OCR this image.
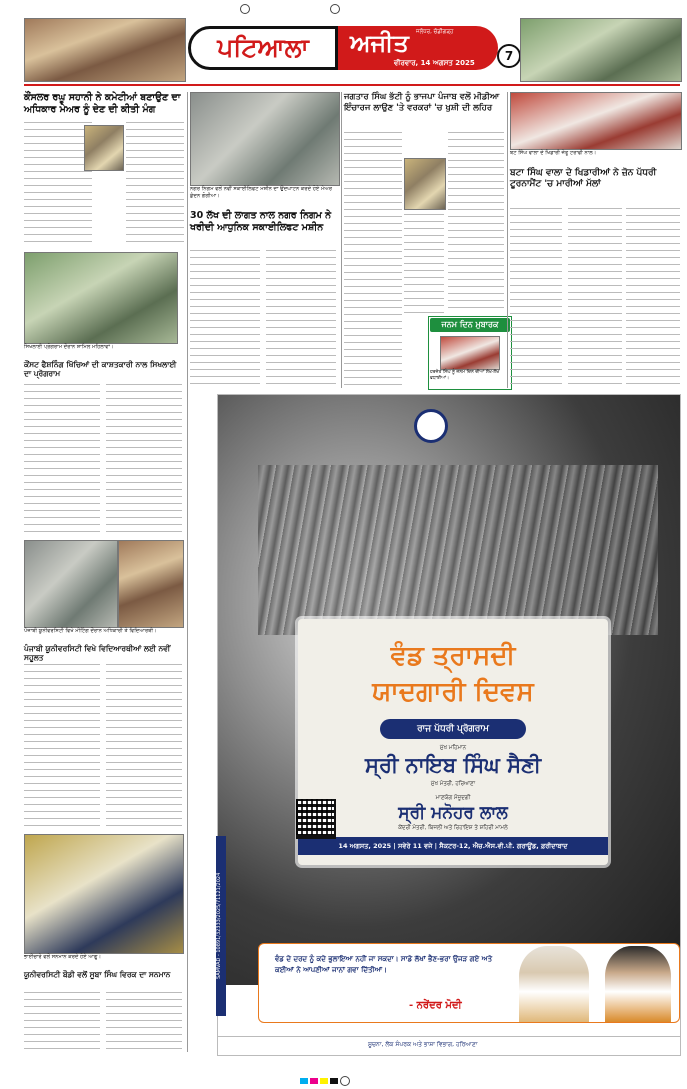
ਪਟਿਆਲਾ	ਅਜੀਤ ਜਲੰਧਰ, ਚੰਡੀਗੜ੍ਹ
ਵੀਰਵਾਰ, 14 ਅਗਸਤ 2025	7
ਕੌਂਸਲਰ ਰਘੂ ਸਹਾਨੀ ਨੇ ਕਮੇਟੀਆਂ ਬਣਾਉਣ ਦਾ ਅਧਿਕਾਰ ਮੇਅਰ ਨੂੰ ਦੇਣ ਦੀ ਕੀਤੀ ਮੰਗ
ਸਿਖਲਾਈ ਪ੍ਰੋਗਰਾਮ ਦੌਰਾਨ ਸ਼ਾਮਿਲ ਮਹਿਲਾਵਾਂ।
ਕੌਂਸਟ ਫੈਸ਼ਨਿੰਗ ਖਿੱਚਿਆਂ ਦੀ ਕਾਸ਼ਤਕਾਰੀ ਨਾਲ ਸਿਖਲਾਈ ਦਾ ਪ੍ਰੋਗਰਾਮ
ਪੰਜਾਬੀ ਯੂਨੀਵਰਸਿਟੀ ਵਿਖੇ ਮੀਟਿੰਗ ਦੌਰਾਨ ਅਧਿਕਾਰੀ ਤੇ ਵਿਦਿਆਰਥੀ।
ਪੰਜਾਬੀ ਯੂਨੀਵਰਸਿਟੀ ਵਿਖੇ ਵਿਦਿਆਰਥੀਆਂ ਲਈ ਨਵੀਂ ਸਹੂਲਤ
ਭਾਈਚਾਰੇ ਵਲੋਂ ਸਨਮਾਨ ਕਰਦੇ ਹੋਏ ਆਗੂ।
ਯੂਨੀਵਰਸਿਟੀ ਬੌਡੀ ਵਲੋਂ ਸੂਬਾ ਸਿੰਘ ਵਿਰਕ ਦਾ ਸਨਮਾਨ
ਨਗਰ ਨਿਗਮ ਵਲੋਂ ਨਵੀਂ ਸਕਾਈਲਿਫਟ ਮਸ਼ੀਨ ਦਾ ਉਦਘਾਟਨ ਕਰਦੇ ਹੋਏ ਮੇਅਰ ਕੁੰਦਨ ਗੋਗੀਆ।
30 ਲੱਖ ਦੀ ਲਾਗਤ ਨਾਲ ਨਗਰ ਨਿਗਮ ਨੇ ਖਰੀਦੀ ਆਧੁਨਿਕ ਸਕਾਈਲਿਫਟ ਮਸ਼ੀਨ
ਜਗਤਾਰ ਸਿੰਘ ਭੱਟੀ ਨੂੰ ਭਾਜਪਾ ਪੰਜਾਬ ਵਲੋਂ ਮੀਡੀਆ ਇੰਚਾਰਜ ਲਾਉਣ 'ਤੇ ਵਰਕਰਾਂ 'ਚ ਖੁਸ਼ੀ ਦੀ ਲਹਿਰ
ਜਨਮ ਦਿਨ ਮੁਬਾਰਕ
ਹਰਜੋਤ ਸਿੰਘ ਨੂੰ ਜਨਮ ਦਿਨ ਦੀਆਂ ਲੱਖ-ਲੱਖ ਵਧਾਈਆਂ।
ਬਟ ਸਿੰਘ ਵਾਲਾ ਦੇ ਖਿਡਾਰੀ ਜੇਤੂ ਟਰਾਫੀ ਨਾਲ।
ਬਟਾ ਸਿੰਘ ਵਾਲਾ ਦੇ ਖਿਡਾਰੀਆਂ ਨੇ ਜ਼ੋਨ ਪੱਧਰੀ ਟੂਰਨਾਮੈਂਟ 'ਚ ਮਾਰੀਆਂ ਮੱਲਾਂ
ਵੰਡ ਤ੍ਰਾਸਦੀ
ਯਾਦਗਾਰੀ ਦਿਵਸ
ਰਾਜ ਪੱਧਰੀ ਪ੍ਰੋਗਰਾਮ
ਮੁੱਖ ਮਹਿਮਾਨ
ਸ੍ਰੀ ਨਾਇਬ ਸਿੰਘ ਸੈਣੀ
ਮੁੱਖ ਮੰਤਰੀ, ਹਰਿਆਣਾ
ਮਾਣਯੋਗ ਮੌਜੂਦਗੀ
ਸ੍ਰੀ ਮਨੋਹਰ ਲਾਲ
ਕੇਂਦਰੀ ਮੰਤਰੀ, ਬਿਜਲੀ ਅਤੇ ਰਿਹਾਇਸ਼ ਤੇ ਸ਼ਹਿਰੀ ਮਾਮਲੇ
14 ਅਗਸਤ, 2025 | ਸਵੇਰੇ 11 ਵਜੇ | ਸੈਕਟਰ-12, ਐਚ.ਐਸ.ਵੀ.ਪੀ. ਗਰਾਊਂਡ, ਫ਼ਰੀਦਾਬਾਦ
ਵੰਡ ਦੇ ਦਰਦ ਨੂੰ ਕਦੇ ਭੁਲਾਇਆ ਨਹੀਂ ਜਾ ਸਕਦਾ। ਸਾਡੇ ਲੱਖਾਂ ਭੈਣ-ਭਰਾ ਉਜੜ ਗਏ ਅਤੇ ਕਈਆਂ ਨੇ ਆਪਣੀਆਂ ਜਾਨਾਂ ਗਵਾ ਦਿੱਤੀਆਂ।
- ਨਰੇਂਦਰ ਮੋਦੀ
ਸੂਚਨਾ, ਲੋਕ ਸੰਪਰਕ ਅਤੇ ਭਾਸ਼ਾ ਵਿਭਾਗ, ਹਰਿਆਣਾ
SAMVAD - 10891/32333/2025/71121/2024
